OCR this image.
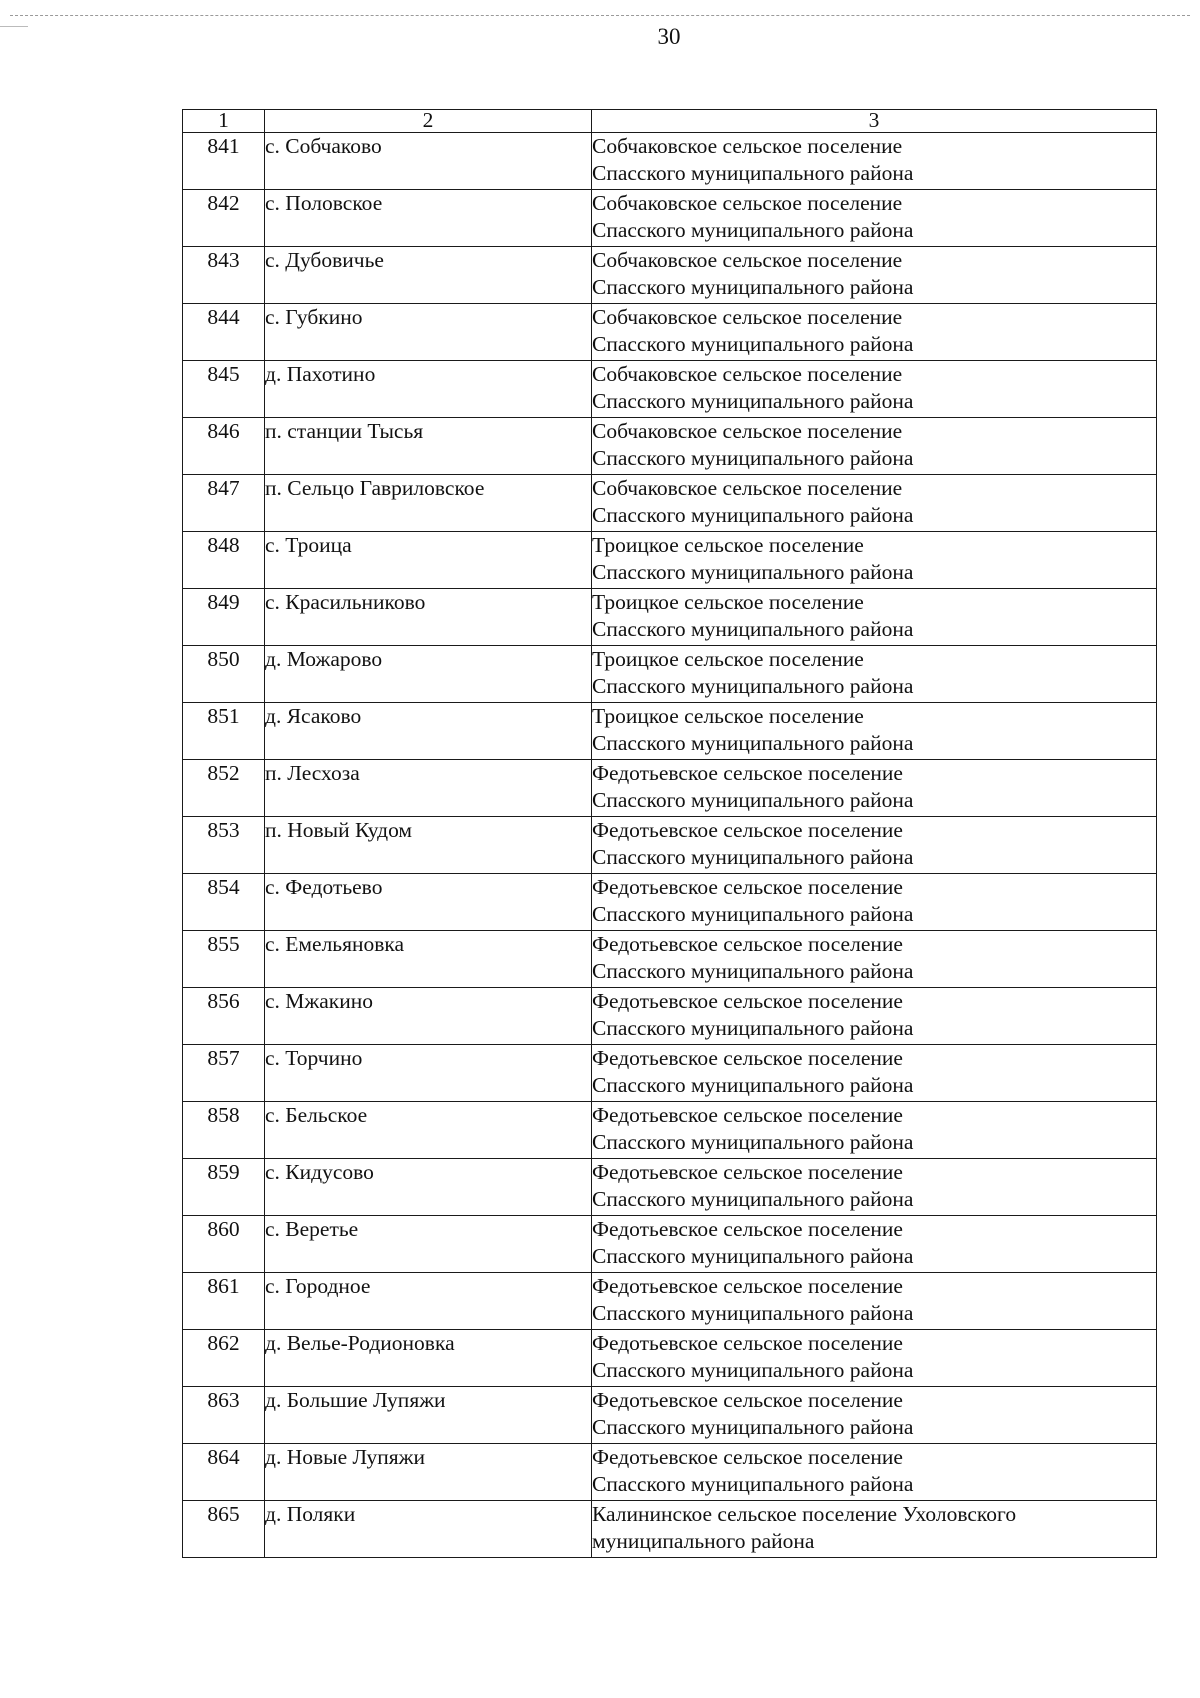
30
1	2	3
841	с. Собчаково	Собчаковское сельское поселение
Спасского муниципального района

842	с. Половское	Собчаковское сельское поселение
Спасского муниципального района

843	с. Дубовичье	Собчаковское сельское поселение
Спасского муниципального района

844	с. Губкино	Собчаковское сельское поселение
Спасского муниципального района

845	д. Пахотино	Собчаковское сельское поселение
Спасского муниципального района

846	п. станции Тысья	Собчаковское сельское поселение
Спасского муниципального района

847	п. Сельцо Гавриловское	Собчаковское сельское поселение
Спасского муниципального района

848	с. Троица	Троицкое сельское поселение
Спасского муниципального района

849	с. Красильниково	Троицкое сельское поселение
Спасского муниципального района

850	д. Можарово	Троицкое сельское поселение
Спасского муниципального района

851	д. Ясаково	Троицкое сельское поселение
Спасского муниципального района

852	п. Лесхоза	Федотьевское сельское поселение
Спасского муниципального района

853	п. Новый Кудом	Федотьевское сельское поселение
Спасского муниципального района

854	с. Федотьево	Федотьевское сельское поселение
Спасского муниципального района

855	с. Емельяновка	Федотьевское сельское поселение
Спасского муниципального района

856	с. Мжакино	Федотьевское сельское поселение
Спасского муниципального района

857	с. Торчино	Федотьевское сельское поселение
Спасского муниципального района

858	с. Бельское	Федотьевское сельское поселение
Спасского муниципального района

859	с. Кидусово	Федотьевское сельское поселение
Спасского муниципального района

860	с. Веретье	Федотьевское сельское поселение
Спасского муниципального района

861	с. Городное	Федотьевское сельское поселение
Спасского муниципального района

862	д. Велье-Родионовка	Федотьевское сельское поселение
Спасского муниципального района

863	д. Большие Лупяжи	Федотьевское сельское поселение
Спасского муниципального района

864	д. Новые Лупяжи	Федотьевское сельское поселение
Спасского муниципального района

865	д. Поляки	Калининское сельское поселение Ухоловского
муниципального района
